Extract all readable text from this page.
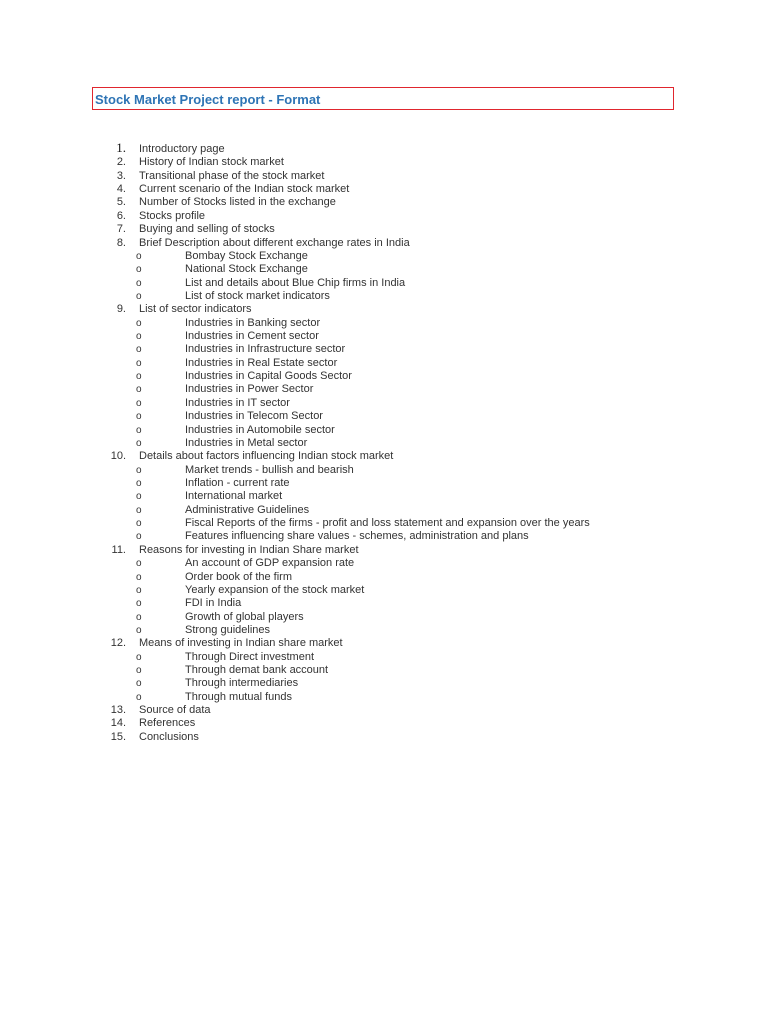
Stock Market Project report - Format
1. Introductory page
2. History of Indian stock market
3. Transitional phase of the stock market
4. Current scenario of the Indian stock market
5. Number of Stocks listed in the exchange
6. Stocks profile
7. Buying and selling of stocks
8. Brief Description about different exchange rates in India
o	Bombay Stock Exchange
o	National Stock Exchange
o	List and details about Blue Chip firms in India
o	List of stock market indicators
9. List of sector indicators
o	Industries in Banking sector
o	Industries in Cement sector
o	Industries in Infrastructure sector
o	Industries in Real Estate sector
o	Industries in Capital Goods Sector
o	Industries in Power Sector
o	Industries in IT sector
o	Industries in Telecom Sector
o	Industries in Automobile sector
o	Industries in Metal sector
10. Details about factors influencing Indian stock market
o	Market trends - bullish and bearish
o	Inflation - current rate
o	International market
o	Administrative Guidelines
o	Fiscal Reports of the firms - profit and loss statement and expansion over the years
o	Features influencing share values - schemes, administration and plans
11. Reasons for investing in Indian Share market
o	An account of GDP expansion rate
o	Order book of the firm
o	Yearly expansion of the stock market
o	FDI in India
o	Growth of global players
o	Strong guidelines
12. Means of investing in Indian share market
o	Through Direct investment
o	Through demat bank account
o	Through intermediaries
o	Through mutual funds
13. Source of data
14. References
15. Conclusions
